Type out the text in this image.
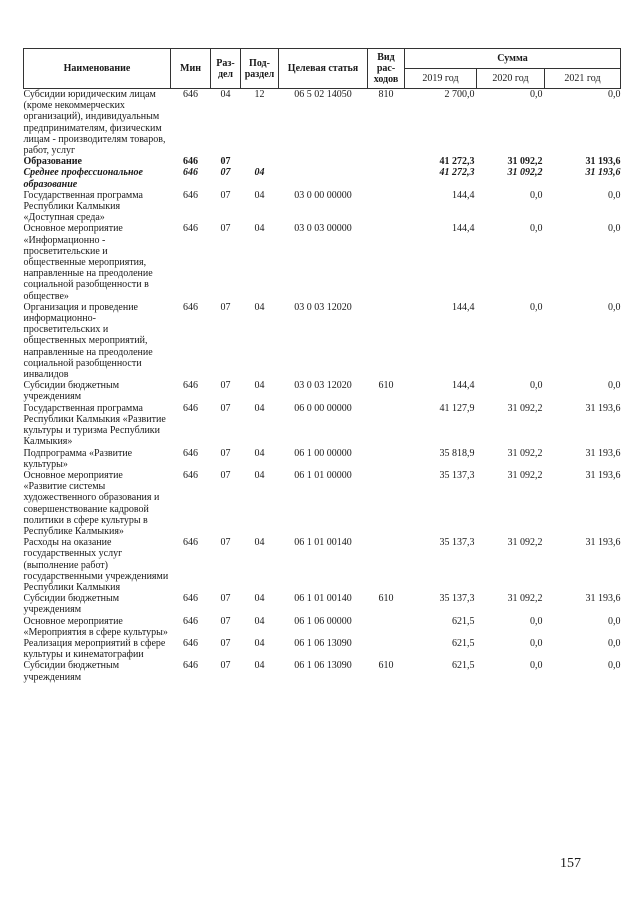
Наименование	Мин	Раз-дел	Под-раздел	Целевая статья	Вид рас-ходов	Сумма		
						2019 год	2020 год	2021 год
Субсидии юридическим лицам (кроме некоммерческих организаций), индивидуальным предпринимателям, физическим лицам - производителям товаров, работ, услуг	646	04	12	06 5 02 14050	810	2 700,0	0,0	0,0
Образование	646	07				41 272,3	31 092,2	31 193,6
Среднее профессиональное образование	646	07	04			41 272,3	31 092,2	31 193,6
Государственная программа Республики Калмыкия «Доступная среда»	646	07	04	03 0 00 00000		144,4	0,0	0,0
Основное мероприятие «Информационно - просветительские и общественные мероприятия, направленные на преодоление социальной разобщенности в обществе»	646	07	04	03 0 03 00000		144,4	0,0	0,0
Организация и проведение информационно- просветительских и общественных мероприятий, направленные на преодоление социальной разобщенности инвалидов	646	07	04	03 0 03 12020		144,4	0,0	0,0
Субсидии бюджетным учреждениям	646	07	04	03 0 03 12020	610	144,4	0,0	0,0
Государственная программа Республики Калмыкия «Развитие культуры и туризма Республики Калмыкия»	646	07	04	06 0 00 00000		41 127,9	31 092,2	31 193,6
Подпрограмма «Развитие культуры»	646	07	04	06 1 00 00000		35 818,9	31 092,2	31 193,6
Основное мероприятие «Развитие системы художественного образования и совершенствование кадровой политики в сфере культуры в Республике Калмыкия»	646	07	04	06 1 01 00000		35 137,3	31 092,2	31 193,6
Расходы на оказание государственных услуг (выполнение работ) государственными учреждениями Республики Калмыкия	646	07	04	06 1 01 00140		35 137,3	31 092,2	31 193,6
Субсидии бюджетным учреждениям	646	07	04	06 1 01 00140	610	35 137,3	31 092,2	31 193,6
Основное мероприятие «Мероприятия в сфере культуры»	646	07	04	06 1 06 00000		621,5	0,0	0,0
Реализация мероприятий в сфере культуры и кинематографии	646	07	04	06 1 06 13090		621,5	0,0	0,0
Субсидии бюджетным учреждениям	646	07	04	06 1 06 13090	610	621,5	0,0	0,0
157
